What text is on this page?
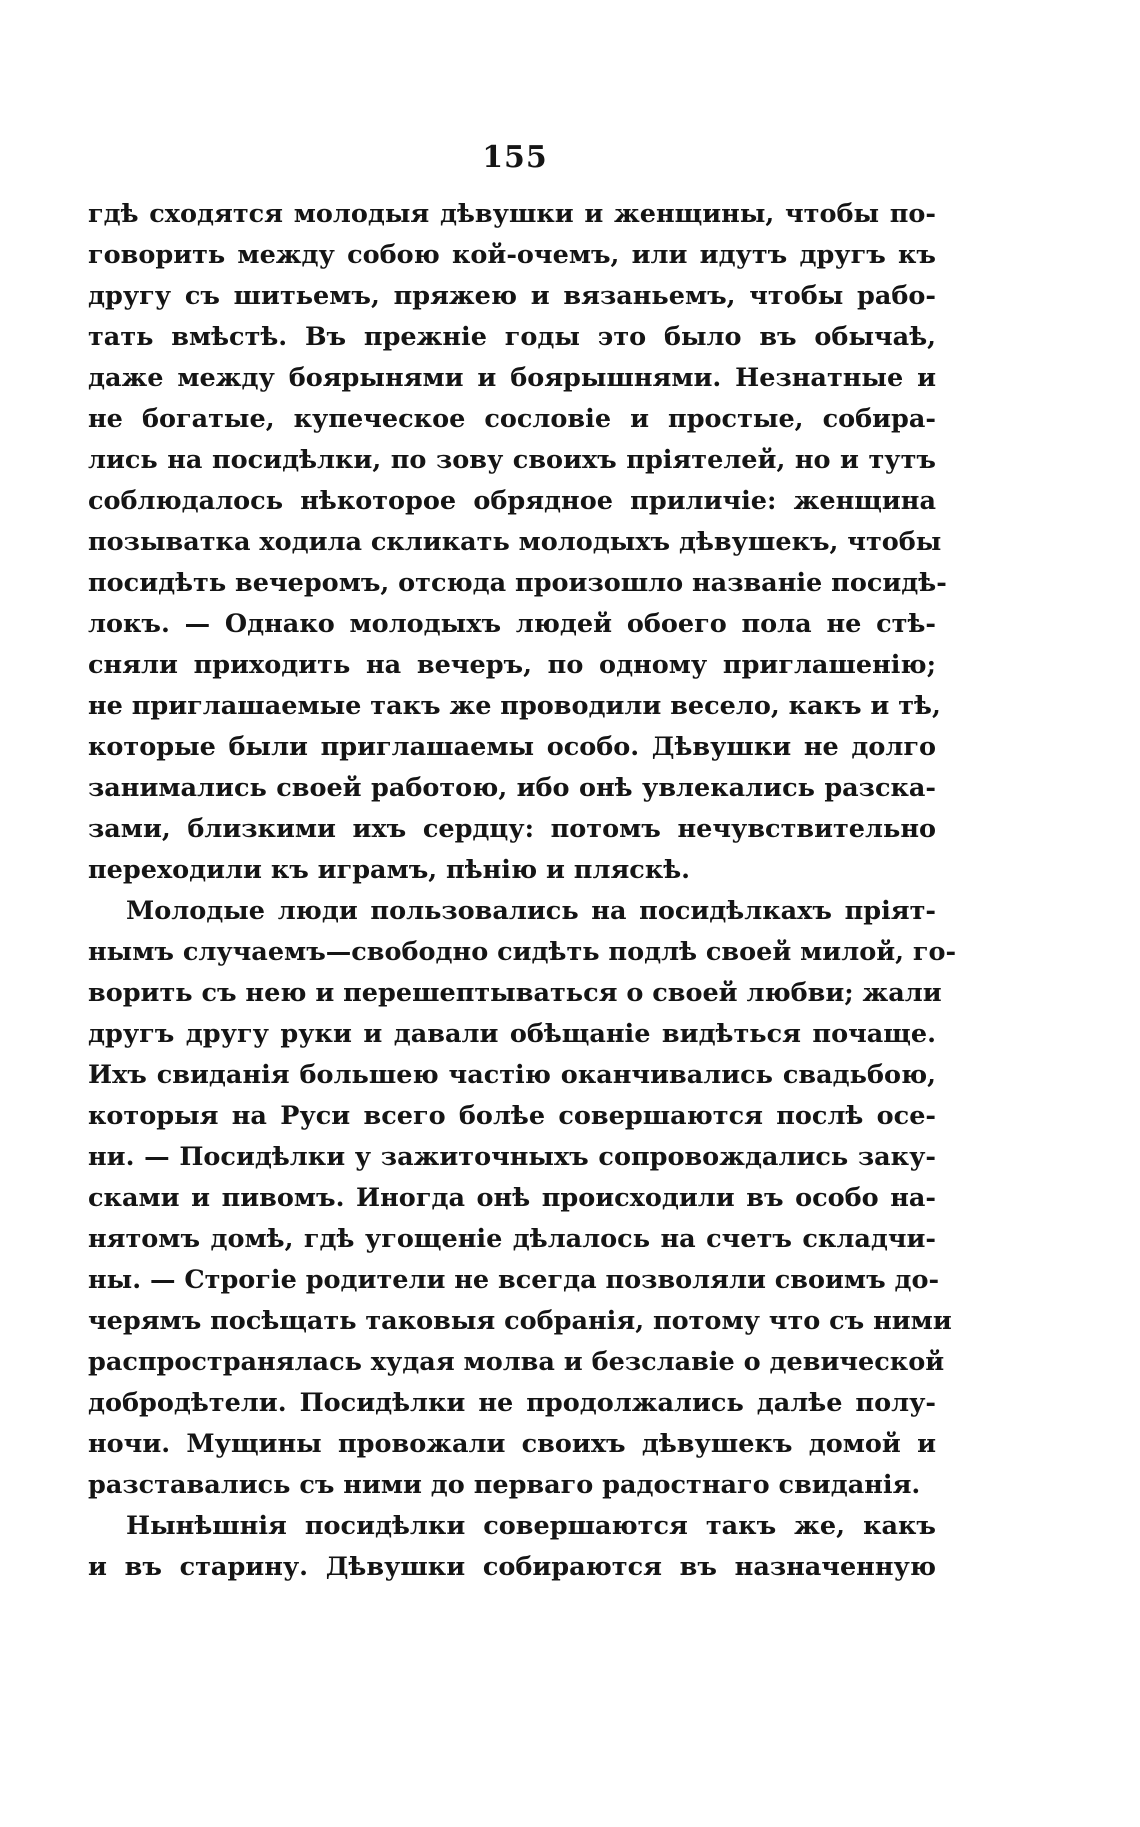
155
гдѣ сходятся молодыя дѣвушки и женщины, чтобы по-
говорить между собою кой-очемъ, или идутъ другъ къ
другу съ шитьемъ, пряжею и вязаньемъ, чтобы рабо-
тать вмѣстѣ. Въ прежніе годы это было въ обычаѣ,
даже между боярынями и боярышнями. Незнатные и
не богатые, купеческое сословіе и простые, собира-
лись на посидѣлки, по зову своихъ пріятелей, но и тутъ
соблюдалось нѣкоторое обрядное приличіе: женщина
позыватка ходила скликать молодыхъ дѣвушекъ, чтобы
посидѣть вечеромъ, отсюда произошло названіе посидѣ-
локъ. — Однако молодыхъ людей обоего пола не стѣ-
сняли приходить на вечеръ, по одному приглашенію;
не приглашаемые такъ же проводили весело, какъ и тѣ,
которые были приглашаемы особо. Дѣвушки не долго
занимались своей работою, ибо онѣ увлекались разска-
зами, близкими ихъ сердцу: потомъ нечувствительно
переходили къ играмъ, пѣнію и пляскѣ.
Молодые люди пользовались на посидѣлкахъ пріят-
нымъ случаемъ—свободно сидѣть подлѣ своей милой, го-
ворить съ нею и перешептываться о своей любви; жали
другъ другу руки и давали обѣщаніе видѣться почаще.
Ихъ свиданія большею частію оканчивались свадьбою,
которыя на Руси всего болѣе совершаются послѣ осе-
ни. — Посидѣлки у зажиточныхъ сопровождались заку-
сками и пивомъ. Иногда онѣ происходили въ особо на-
нятомъ домѣ, гдѣ угощеніе дѣлалось на счетъ складчи-
ны. — Строгіе родители не всегда позволяли своимъ до-
черямъ посѣщать таковыя собранія, потому что съ ними
распространялась худая молва и безславіе о девической
добродѣтели. Посидѣлки не продолжались далѣе полу-
ночи. Мущины провожали своихъ дѣвушекъ домой и
разставались съ ними до перваго радостнаго свиданія.
Нынѣшнія посидѣлки совершаются такъ же, какъ
и въ старину. Дѣвушки собираются въ назначенную
